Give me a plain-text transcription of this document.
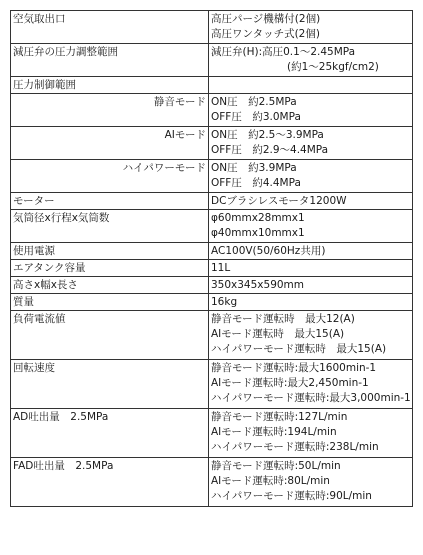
空気取出口	高圧パージ機構付(2個)
高圧ワンタッチ式(2個)

減圧弁の圧力調整範囲	減圧弁(H):高圧0.1～2.45MPa
(約1～25kgf/cm2)

圧力制御範囲	

静音モード	ON圧　約2.5MPa
OFF圧　約3.0MPa

AIモード	ON圧　約2.5～3.9MPa
OFF圧　約2.9～4.4MPa

ハイパワーモード	ON圧　約3.9MPa
OFF圧　約4.4MPa

モーター	DCブラシレスモータ1200W

気筒径x行程x気筒数	φ60mmx28mmx1
φ40mmx10mmx1

使用電源	AC100V(50/60Hz共用)

エアタンク容量	11L

高さx幅x長さ	350x345x590mm

質量	16kg

負荷電流値	静音モード運転時　最大12(A)
AIモード運転時　最大15(A)
ハイパワーモード運転時　最大15(A)

回転速度	静音モード運転時:最大1600min-1
AIモード運転時:最大2,450min-1
ハイパワーモード運転時:最大3,000min-1

AD吐出量　2.5MPa	静音モード運転時:127L/min
AIモード運転時:194L/min
ハイパワーモード運転時:238L/min

FAD吐出量　2.5MPa	静音モード運転時:50L/min
AIモード運転時:80L/min
ハイパワーモード運転時:90L/min
